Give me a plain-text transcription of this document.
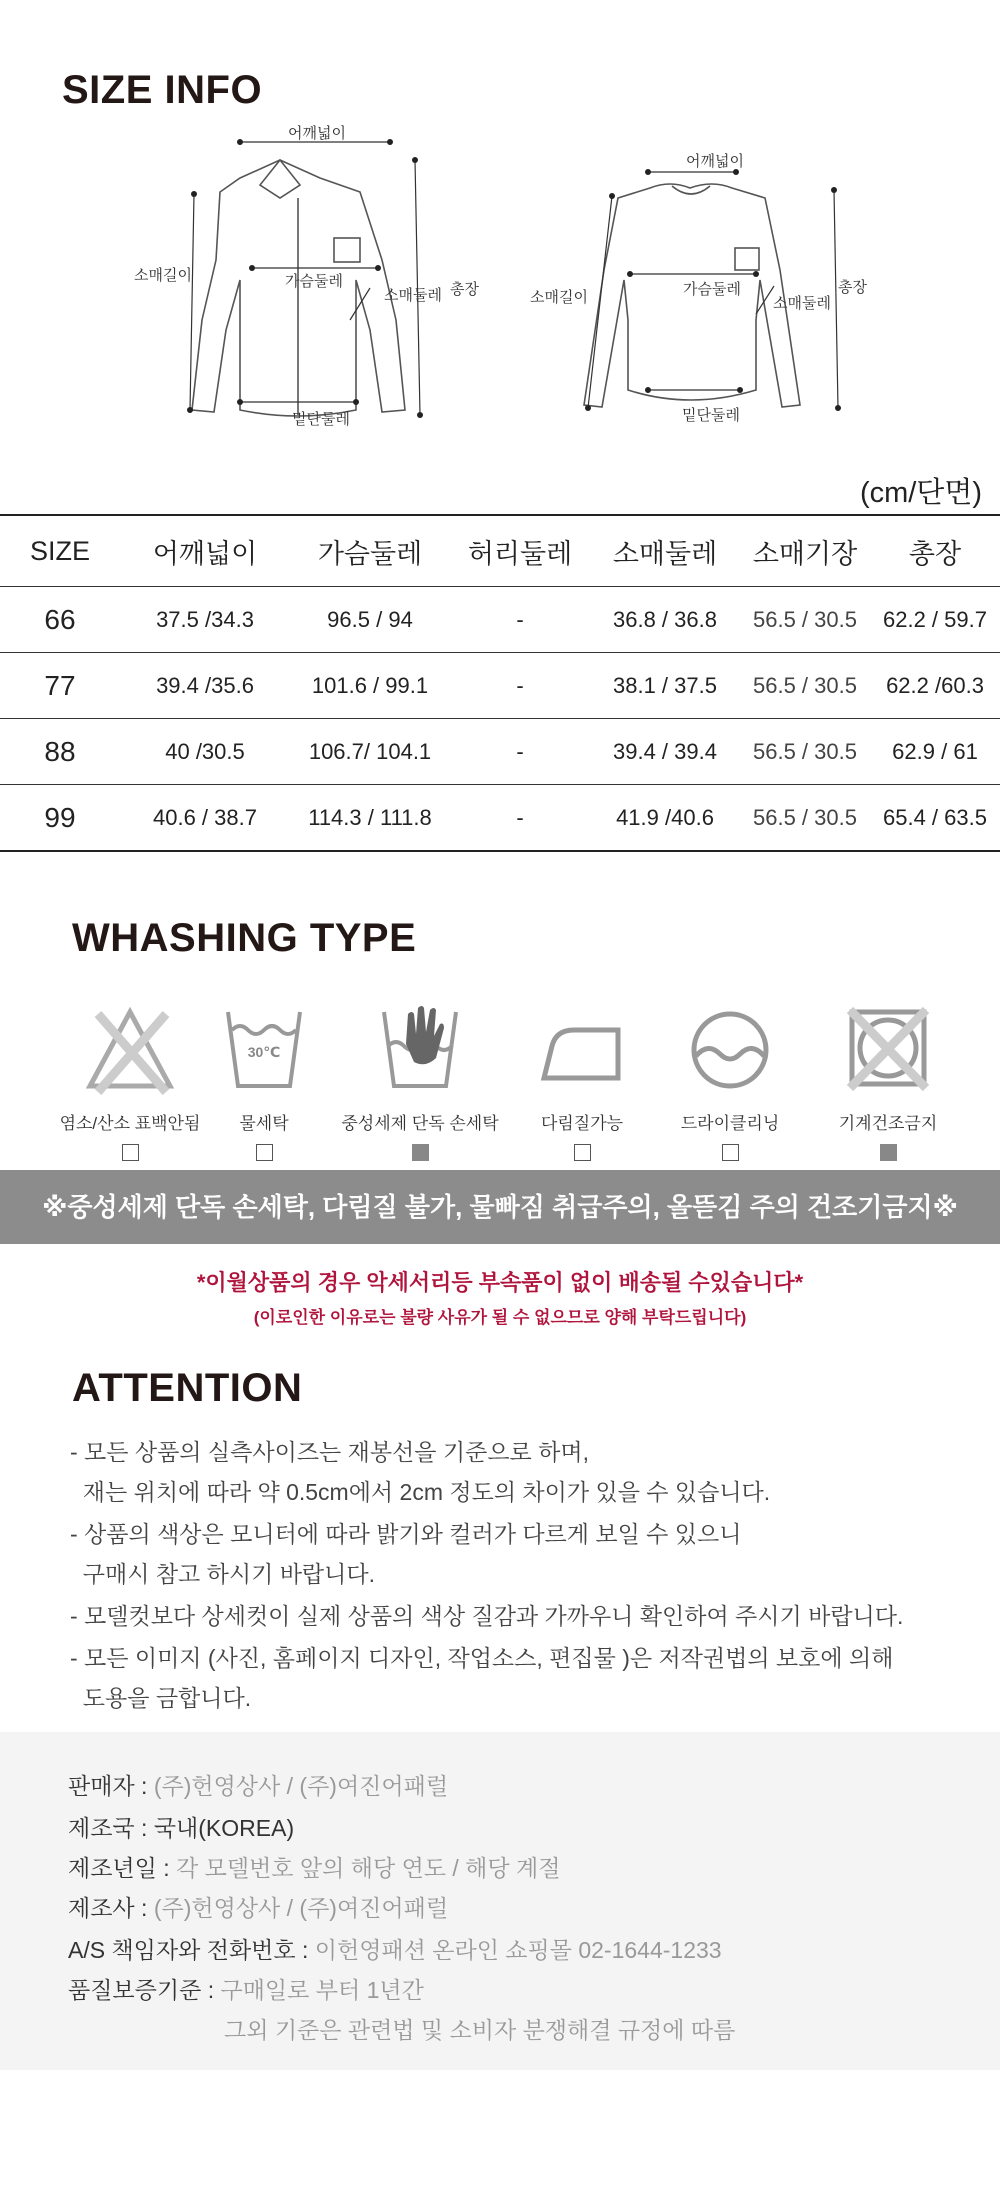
SIZE INFO
어깨넓이
소매길이	가슴둘레
소매둘레 총장
밑단둘레
어깨넓이
소매길이	가슴둘레
소매둘레
총장
밑단둘레
(cm/단면)
SIZE	어깨넓이	가슴둘레	허리둘레	소매둘레	소매기장	총장
66	37.5 /34.3	96.5 / 94	-	36.8 / 36.8	56.5 / 30.5	62.2 / 59.7
77	39.4 /35.6	101.6 / 99.1	-	38.1 / 37.5	56.5 / 30.5	62.2 /60.3
88	40 /30.5	106.7/ 104.1	-	39.4 / 39.4	56.5 / 30.5	62.9 / 61
99	40.6 / 38.7	114.3 / 111.8	-	41.9 /40.6	56.5 / 30.5	65.4 / 63.5
WHASHING TYPE
염소/산소 표백안됨
30℃
물세탁	중성세제 단독 손세탁	다림질가능	드라이클리닝	기계건조금지
※중성세제 단독 손세탁, 다림질 불가, 물빠짐 취급주의, 올뜯김 주의 건조기금지※
*이월상품의 경우 악세서리등 부속품이 없이 배송될 수있습니다*
(이로인한 이유로는 불량 사유가 될 수 없으므로 양해 부탁드립니다)
ATTENTION
- 모든 상품의 실측사이즈는 재봉선을 기준으로 하며,
재는 위치에 따라 약 0.5cm에서 2cm 정도의 차이가 있을 수 있습니다.
- 상품의 색상은 모니터에 따라 밝기와 컬러가 다르게 보일 수 있으니
구매시 참고 하시기 바랍니다.
- 모델컷보다 상세컷이 실제 상품의 색상 질감과 가까우니 확인하여 주시기 바랍니다.
- 모든 이미지 (사진, 홈페이지 디자인, 작업소스, 편집물 )은 저작권법의 보호에 의해
도용을 금합니다.
판매자 : (주)헌영상사 / (주)여진어패럴
제조국 : 국내(KOREA)
제조년일 : 각 모델번호 앞의 해당 연도 / 해당 계절
제조사 : (주)헌영상사 / (주)여진어패럴
A/S 책임자와 전화번호 : 이헌영패션 온라인 쇼핑몰 02-1644-1233
품질보증기준 : 구매일로 부터 1년간
그외 기준은 관련법 및 소비자 분쟁해결 규정에 따름
